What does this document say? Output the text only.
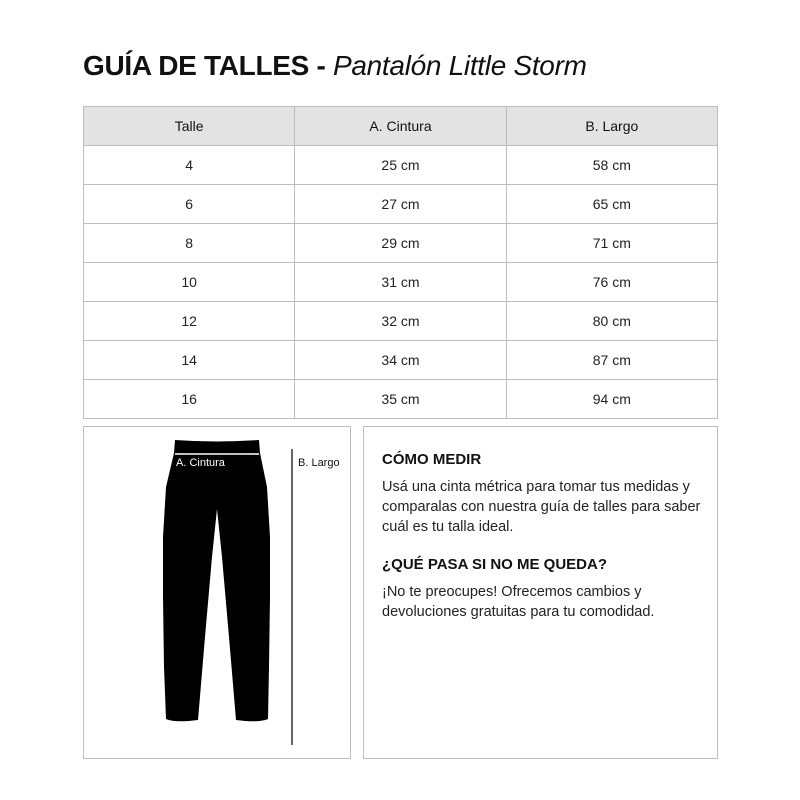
GUÍA DE TALLES - Pantalón Little Storm
Talle	A. Cintura	B. Largo
4	25 cm	58 cm
6	27 cm	65 cm
8	29 cm	71 cm
10	31 cm	76 cm
12	32 cm	80 cm
14	34 cm	87 cm
16	35 cm	94 cm
A. Cintura	B. Largo	CÓMO MEDIR
Usá una cinta métrica para tomar tus medidas y comparalas con nuestra guía de talles para saber cuál es tu talla ideal.
¿QUÉ PASA SI NO ME QUEDA?
¡No te preocupes! Ofrecemos cambios y devoluciones gratuitas para tu comodidad.
